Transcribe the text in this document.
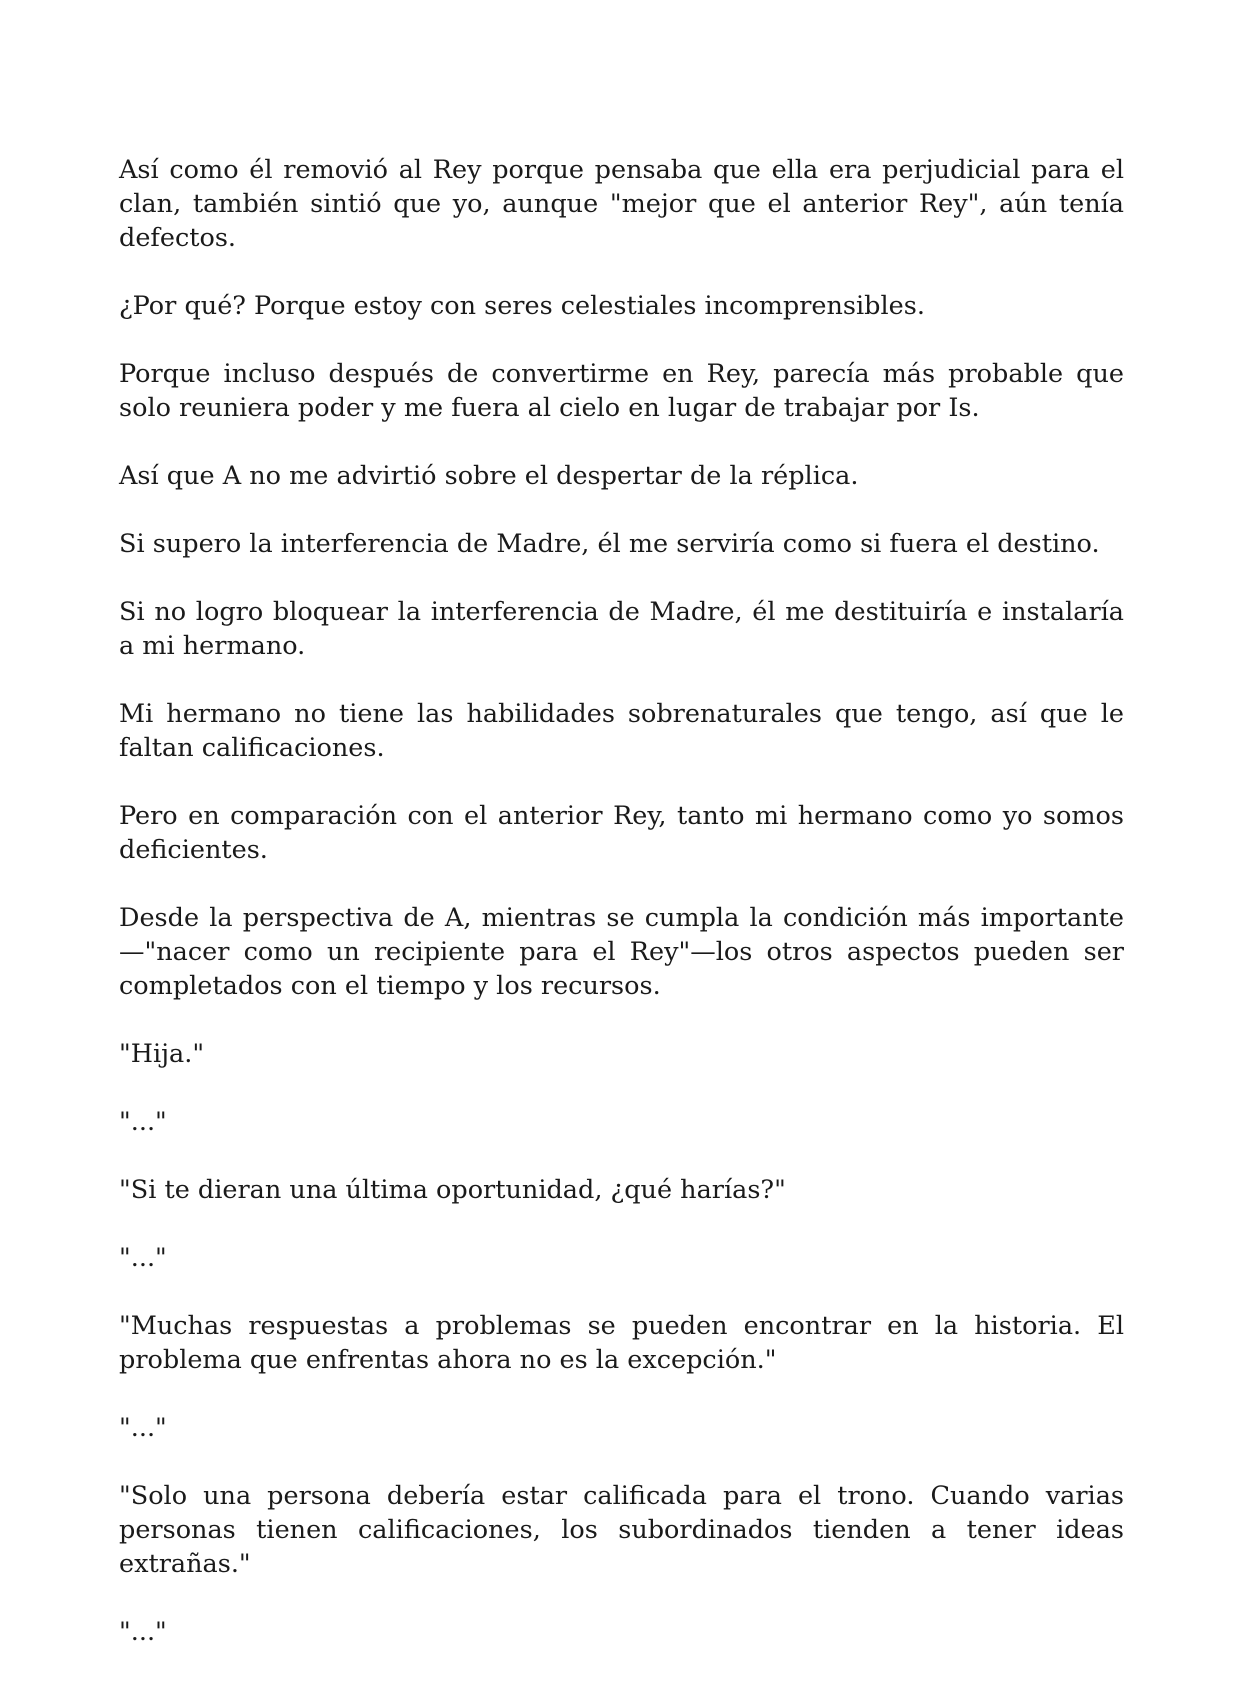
Así como él removió al Rey porque pensaba que ella era perjudicial para el clan, también sintió que yo, aunque "mejor que el anterior Rey", aún tenía defectos.

¿Por qué? Porque estoy con seres celestiales incomprensibles.

Porque incluso después de convertirme en Rey, parecía más probable que solo reuniera poder y me fuera al cielo en lugar de trabajar por Is.

Así que A no me advirtió sobre el despertar de la réplica.

Si supero la interferencia de Madre, él me serviría como si fuera el destino.

Si no logro bloquear la interferencia de Madre, él me destituiría e instalaría a mi hermano.

Mi hermano no tiene las habilidades sobrenaturales que tengo, así que le faltan calificaciones.

Pero en comparación con el anterior Rey, tanto mi hermano como yo somos deficientes.

Desde la perspectiva de A, mientras se cumpla la condición más importante—"nacer como un recipiente para el Rey"—los otros aspectos pueden ser completados con el tiempo y los recursos.

"Hija."

"..."

"Si te dieran una última oportunidad, ¿qué harías?"

"..."

"Muchas respuestas a problemas se pueden encontrar en la historia. El problema que enfrentas ahora no es la excepción."

"..."

"Solo una persona debería estar calificada para el trono. Cuando varias personas tienen calificaciones, los subordinados tienden a tener ideas extrañas."

"..."
